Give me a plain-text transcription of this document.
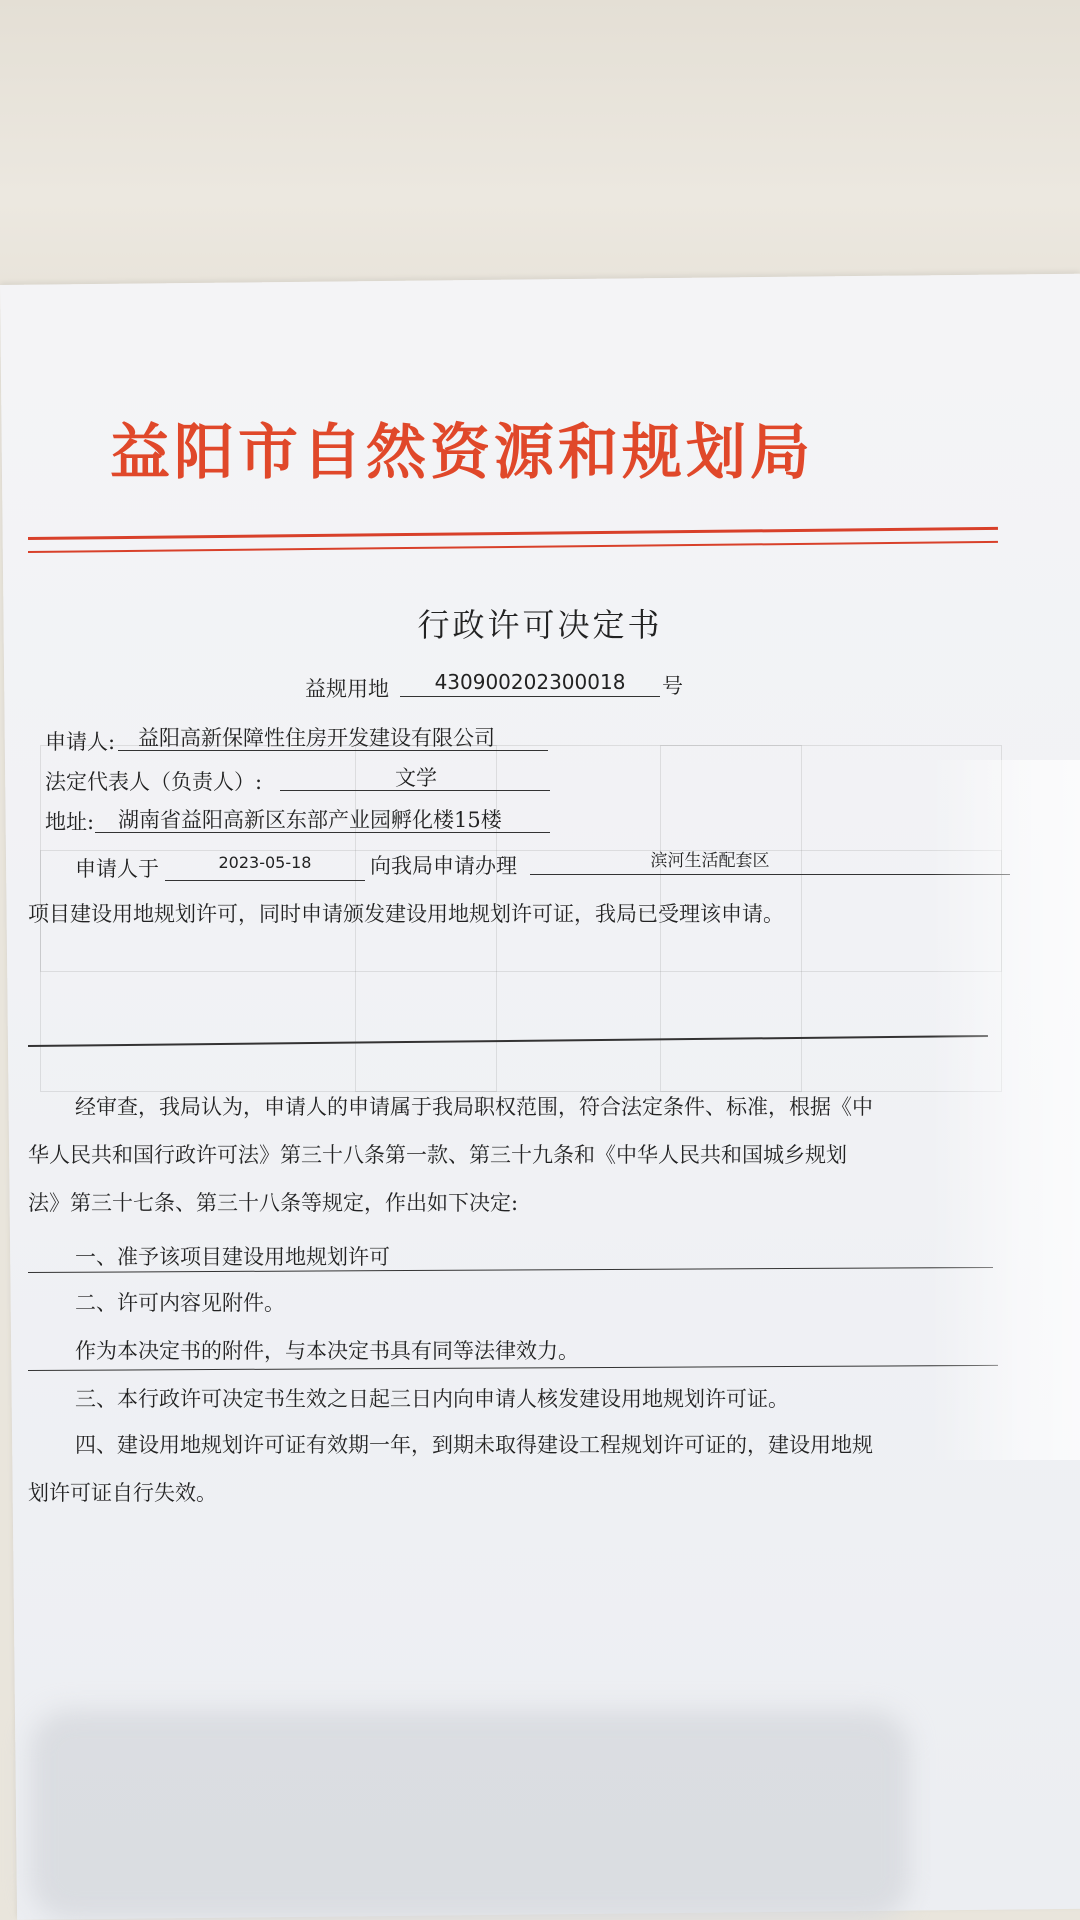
益阳市自然资源和规划局
行政许可决定书
益规用地	430900202300018	号
申请人: 益阳高新保障性住房开发建设有限公司
法定代表人（负责人）:	文学
地址: 湖南省益阳高新区东部产业园孵化楼15楼
申请人于	2023-05-18	向我局申请办理	滨河生活配套区
项目建设用地规划许可，同时申请颁发建设用地规划许可证，我局已受理该申请。
经审查，我局认为，申请人的申请属于我局职权范围，符合法定条件、标准，根据《中
华人民共和国行政许可法》第三十八条第一款、第三十九条和《中华人民共和国城乡规划
法》第三十七条、第三十八条等规定，作出如下决定:
一、准予该项目建设用地规划许可
二、许可内容见附件。
作为本决定书的附件，与本决定书具有同等法律效力。
三、本行政许可决定书生效之日起三日内向申请人核发建设用地规划许可证。
四、建设用地规划许可证有效期一年，到期未取得建设工程规划许可证的，建设用地规
划许可证自行失效。
